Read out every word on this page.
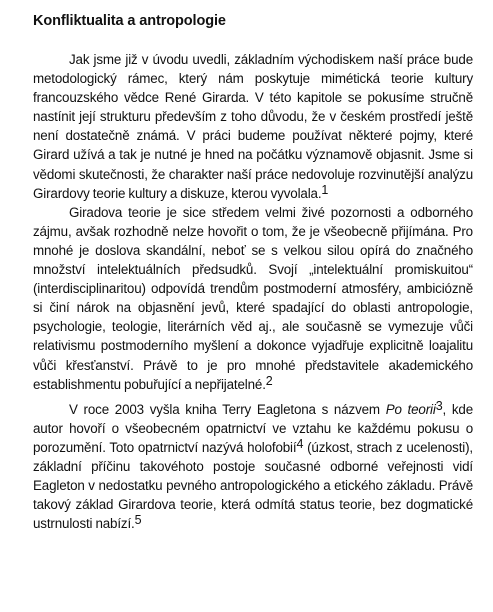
Konfliktualita a antropologie

Jak jsme již v úvodu uvedli, základním východiskem naší práce bude metodologický rámec, který nám poskytuje mimétická teorie kultury francouzského vědce René Girarda. V této kapitole se pokusíme stručně nastínit její strukturu především z toho důvodu, že v českém prostředí ještě není dostatečně známá. V práci budeme používat některé pojmy, které Girard užívá a tak je nutné je hned na počátku významově objasnit. Jsme si vědomi skutečnosti, že charakter naší práce nedovoluje rozvinutější analýzu Girardovy teorie kultury a diskuze, kterou vyvolala.$^1$

Giradova teorie je sice středem velmi živé pozornosti a odborného zájmu, avšak rozhodně nelze hovořit o tom, že je všeobecně přijímána. Pro mnohé je doslova skandální, neboť se s velkou silou opírá do značného množství intelektuálních předsudků. Svojí „intelektuální promiskuitou“ (interdisciplinaritou) odpovídá trendům postmoderní atmosféry, ambiciózně si činí nárok na objasnění jevů, které spadající do oblasti antropologie, psychologie, teologie, literárních věd aj., ale současně se vymezuje vůči relativismu postmoderního myšlení a dokonce vyjadřuje explicitně loajalitu vůči křesťanství. Právě to je pro mnohé představitele akademického establishmentu pobuřující a nepřijatelné.$^2$

V roce 2003 vyšla kniha Terry Eagletona s názvem Po teorii$^3$, kde autor hovoří o všeobecném opatrnictví ve vztahu ke každému pokusu o porozumění. Toto opatrnictví nazývá holofobií$^4$ (úzkost, strach z ucelenosti), základní příčinu takovéhoto postoje současné odborné veřejnosti vidí Eagleton v nedostatku pevného antropologického a etického základu. Právě takový základ Girardova teorie, která odmítá status teorie, bez dogmatické ustrnulosti nabízí.$^5$
